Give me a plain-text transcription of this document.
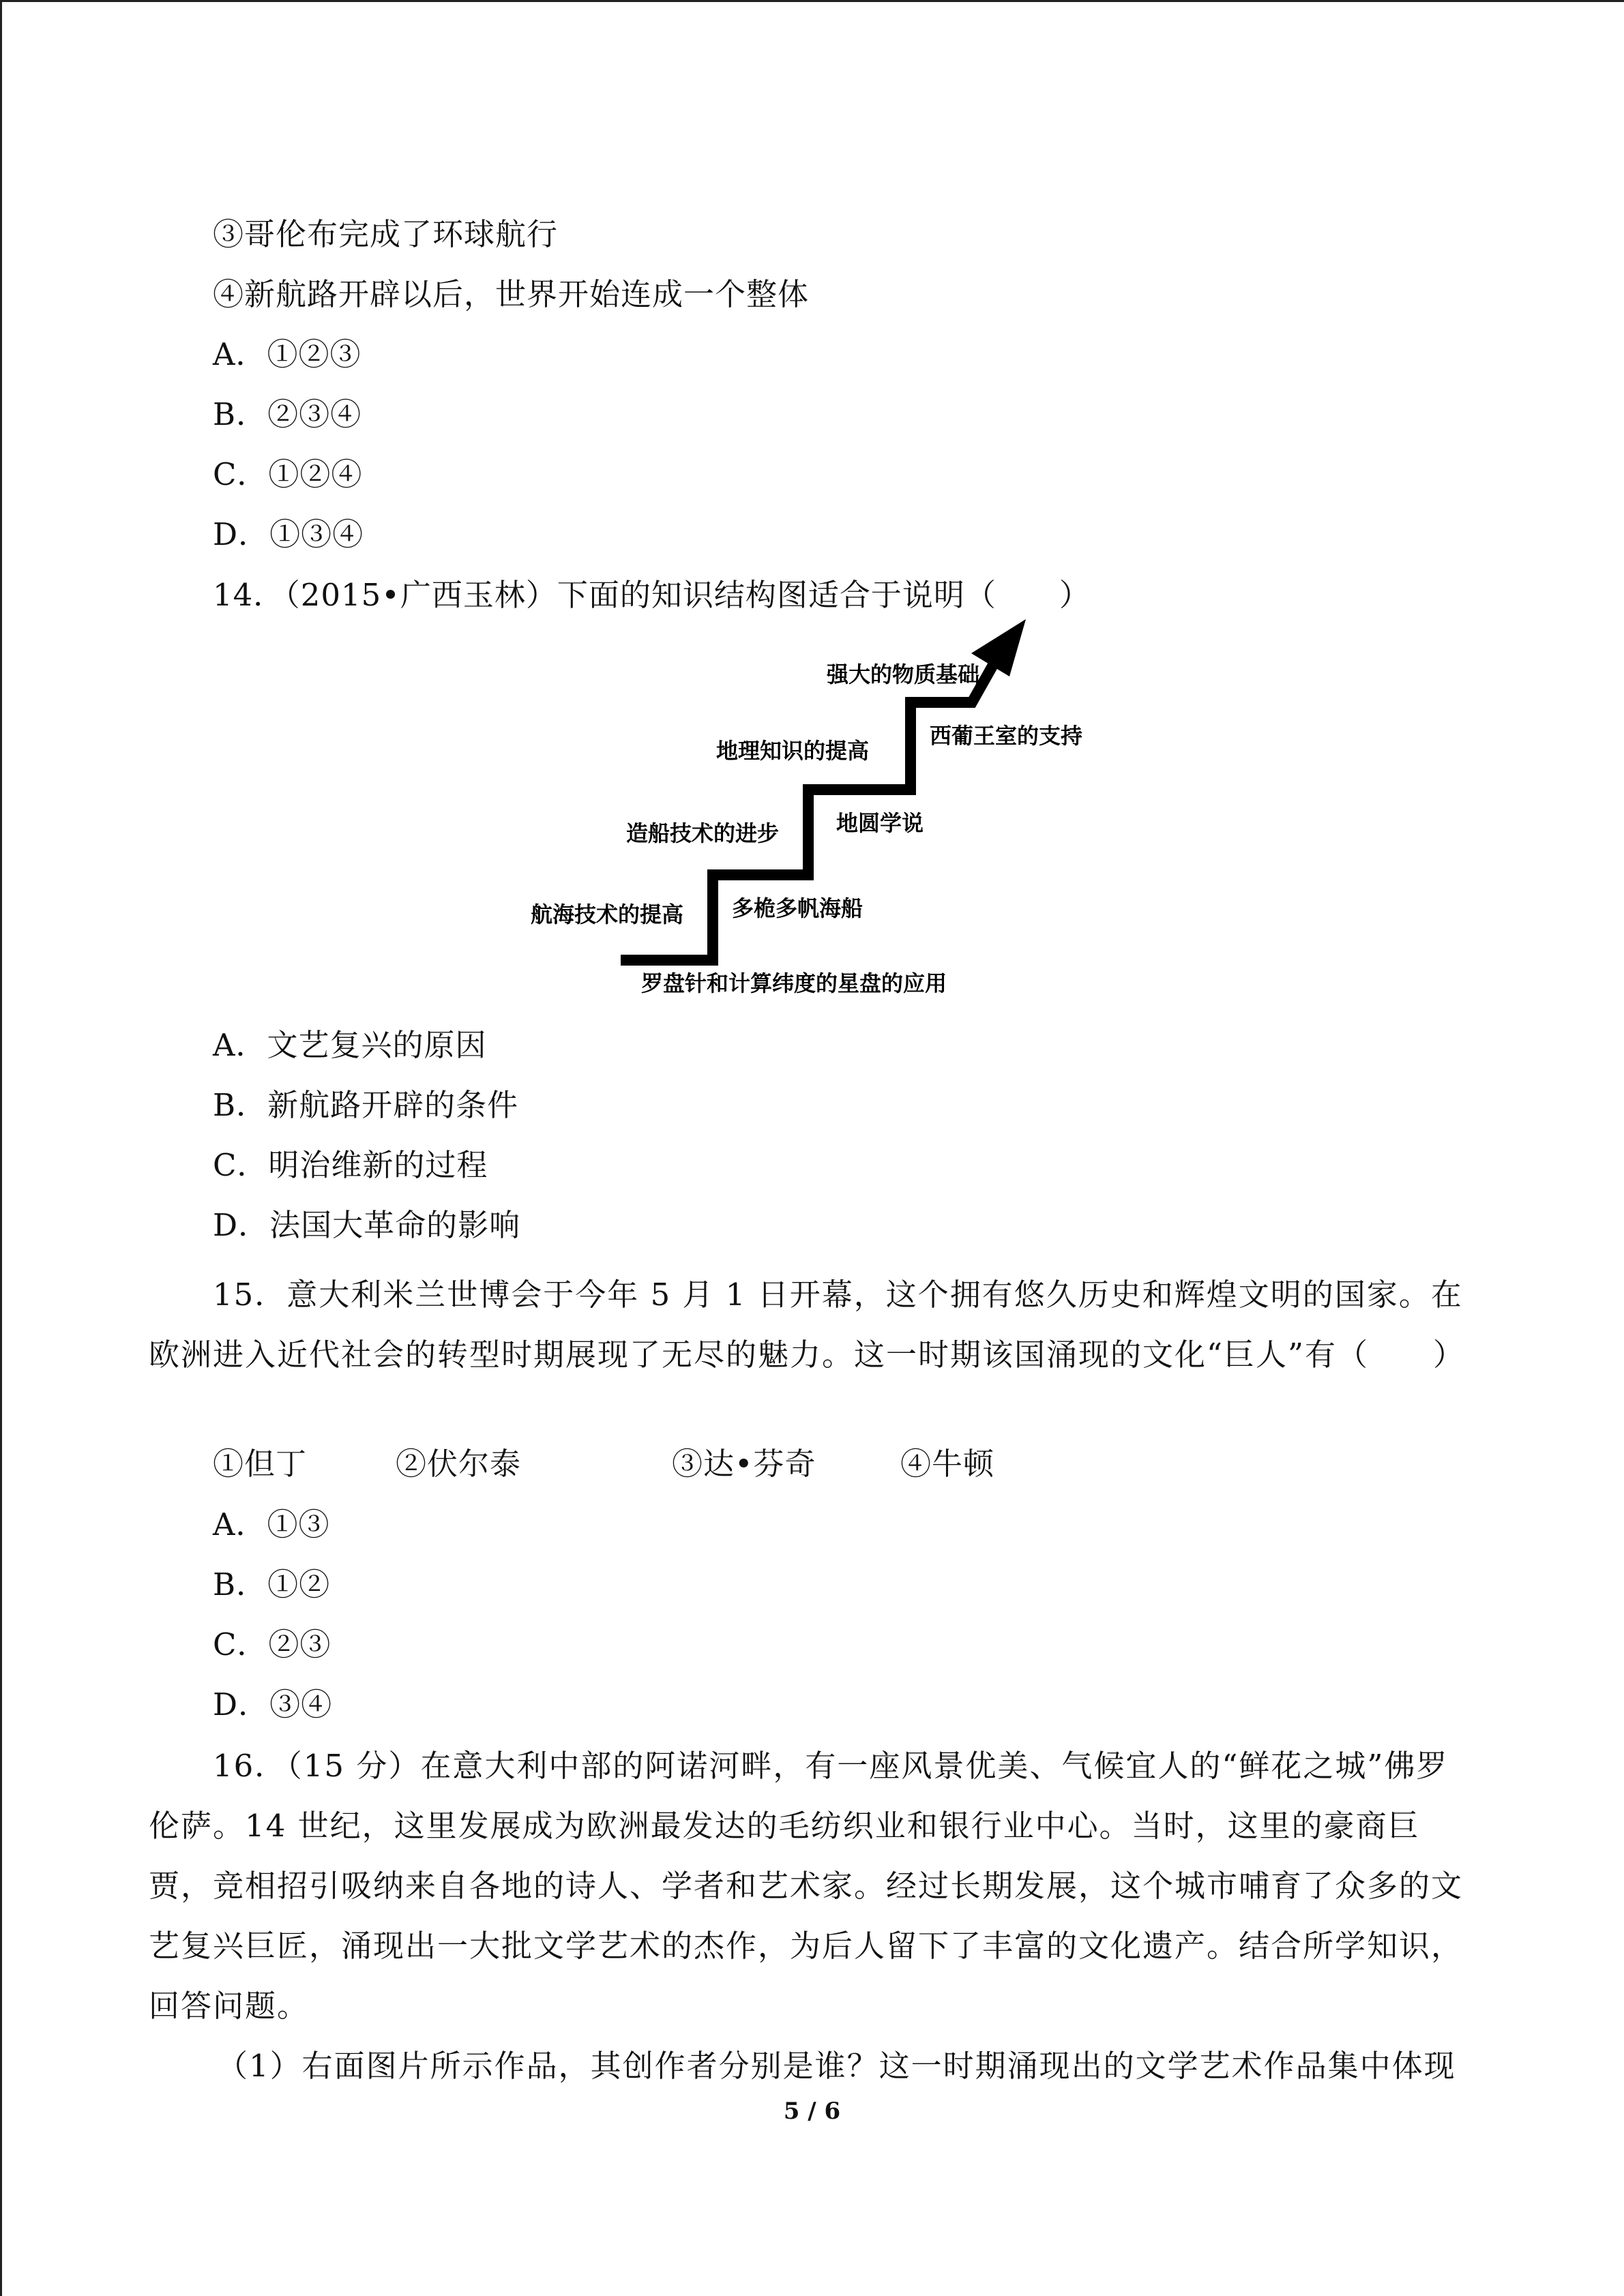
③哥伦布完成了环球航行
④新航路开辟以后，世界开始连成一个整体
A．①②③
B．②③④
C．①②④
D．①③④
14．（2015•广西玉林）下面的知识结构图适合于说明（　　）
航海技术的提高
造船技术的进步
地理知识的提高
强大的物质基础
罗盘针和计算纬度的星盘的应用
多桅多帆海船
地圆学说
西葡王室的支持
A．文艺复兴的原因
B．新航路开辟的条件
C．明治维新的过程
D．法国大革命的影响

15．意大利米兰世博会于今年 5 月 1 日开幕，这个拥有悠久历史和辉煌文明的国家。在欧洲进入近代社会的转型时期展现了无尽的魅力。这一时期该国涌现的文化“巨人”有（　　）

①但丁	②伏尔泰	③达•芬奇	④牛顿
A．①③
B．①②
C．②③
D．③④

16．（15 分）在意大利中部的阿诺河畔，有一座风景优美、气候宜人的“鲜花之城”佛罗伦萨。14 世纪，这里发展成为欧洲最发达的毛纺织业和银行业中心。当时，这里的豪商巨贾，竞相招引吸纳来自各地的诗人、学者和艺术家。经过长期发展，这个城市哺育了众多的文艺复兴巨匠，涌现出一大批文学艺术的杰作，为后人留下了丰富的文化遗产。结合所学知识，回答问题。

（1）右面图片所示作品，其创作者分别是谁？这一时期涌现出的文学艺术作品集中体现

5 / 6
